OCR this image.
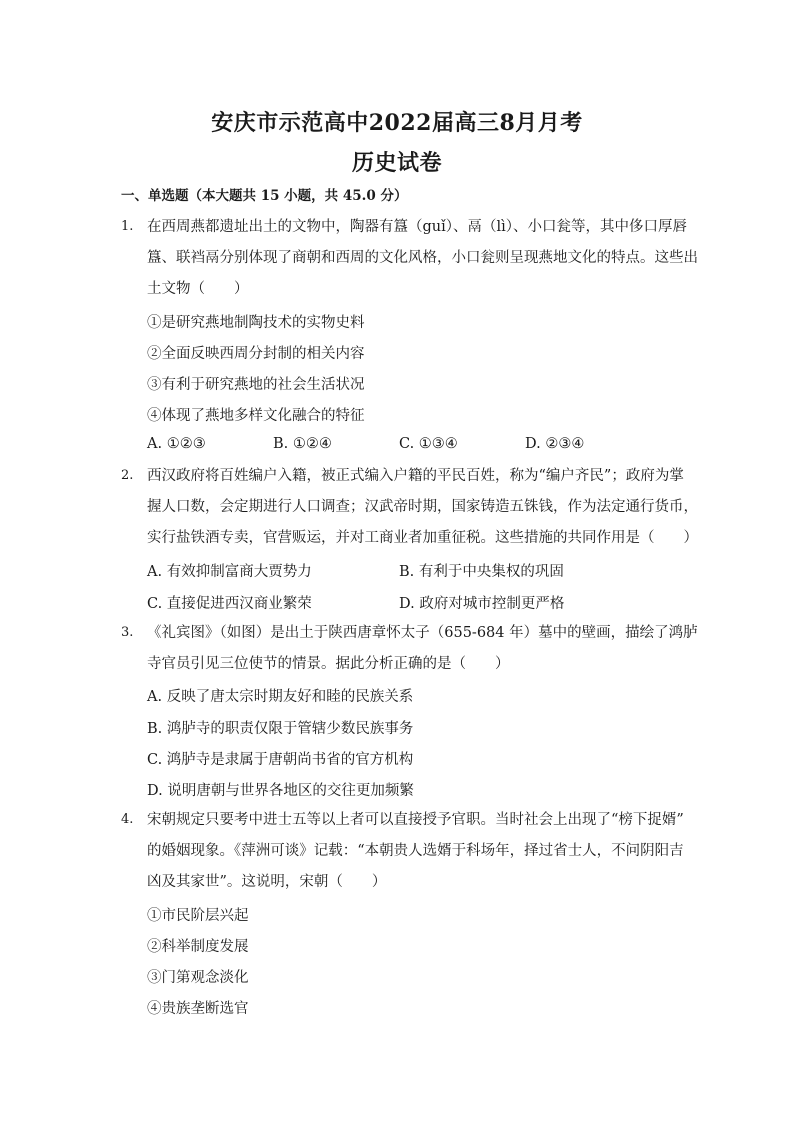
安庆市示范高中2022届高三8月月考
历史试卷
一、单选题（本大题共 15 小题，共 45.0 分）
1. 在西周燕都遗址出土的文物中，陶器有簋（guǐ）、鬲（lì）、小口瓮等，其中侈口厚唇
簋、联裆鬲分别体现了商朝和西周的文化风格，小口瓮则呈现燕地文化的特点。这些出
土文物（　　）
①是研究燕地制陶技术的实物史料
②全面反映西周分封制的相关内容
③有利于研究燕地的社会生活状况
④体现了燕地多样文化融合的特征
A. ①②③	B. ①②④	C. ①③④	D. ②③④
2. 西汉政府将百姓编户入籍，被正式编入户籍的平民百姓，称为“编户齐民”；政府为掌
握人口数，会定期进行人口调查；汉武帝时期，国家铸造五铢钱，作为法定通行货币，
实行盐铁酒专卖，官营贩运，并对工商业者加重征税。这些措施的共同作用是（　　）
A. 有效抑制富商大贾势力	B. 有利于中央集权的巩固
C. 直接促进西汉商业繁荣	D. 政府对城市控制更严格
3. 《礼宾图》（如图）是出土于陕西唐章怀太子（655-684 年）墓中的壁画，描绘了鸿胪
寺官员引见三位使节的情景。据此分析正确的是（　　）
A. 反映了唐太宗时期友好和睦的民族关系
B. 鸿胪寺的职责仅限于管辖少数民族事务
C. 鸿胪寺是隶属于唐朝尚书省的官方机构
D. 说明唐朝与世界各地区的交往更加频繁
4. 宋朝规定只要考中进士五等以上者可以直接授予官职。当时社会上出现了“榜下捉婿”
的婚姻现象。《萍洲可谈》记载：“本朝贵人选婿于科场年，择过省士人，不问阴阳吉
凶及其家世”。这说明，宋朝（　　）
①市民阶层兴起
②科举制度发展
③门第观念淡化
④贵族垄断选官
